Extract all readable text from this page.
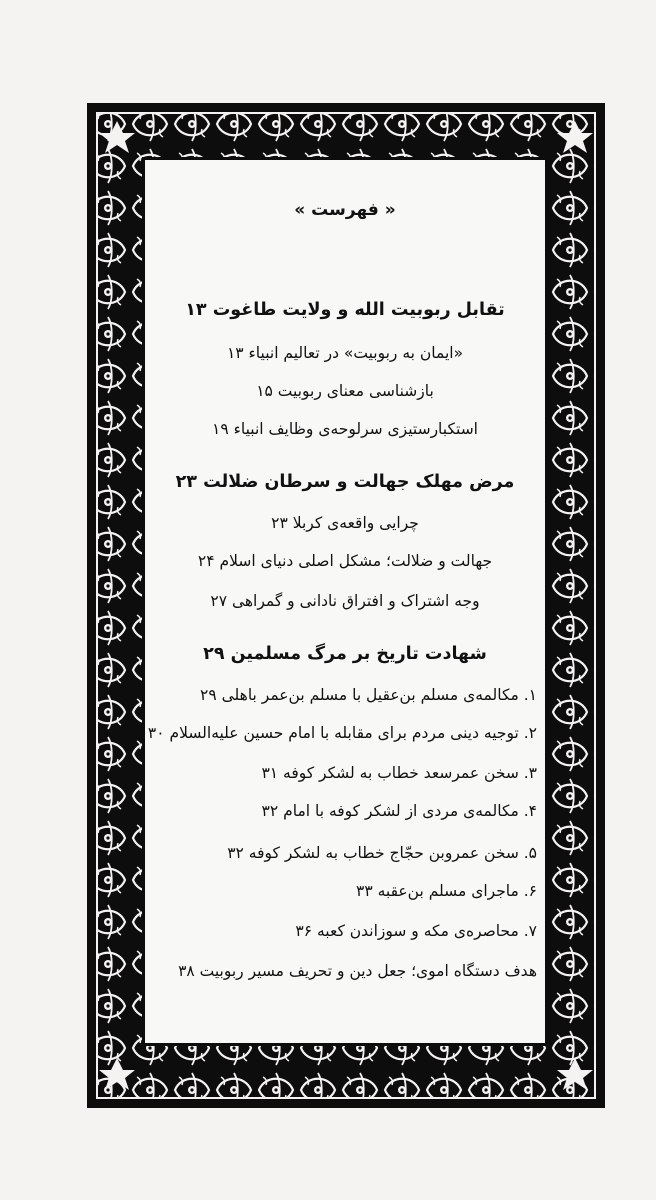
« فهرست »
تقابل ربوبیت الله و ولایت طاغوت ۱۳
«ایمان به ربوبیت» در تعالیم انبیاء ۱۳
بازشناسی معنای ربوبیت ۱۵
استکبارستیزی سرلوحه‌ی وظایف انبیاء ۱۹
مرض مهلک جهالت و سرطان ضلالت ۲۳
چرایی واقعه‌ی کربلا ۲۳
جهالت و ضلالت؛ مشکل اصلی دنیای اسلام ۲۴
وجه اشتراک و افتراق نادانی و گمراهی ۲۷
شهادت تاریخ بر مرگ مسلمین ۲۹
۱. مکالمه‌ی مسلم بن‌عقیل با مسلم بن‌عمر باهلی ۲۹
۲. توجیه دینی مردم برای مقابله با امام حسین علیه‌السلام ۳۰
۳. سخن عمرسعد خطاب به لشکر کوفه ۳۱
۴. مکالمه‌ی مردی از لشکر کوفه با امام ۳۲
۵. سخن عمروبن حجّاج خطاب به لشکر کوفه ۳۲
۶. ماجرای مسلم بن‌عقبه ۳۳
۷. محاصره‌ی مکه و سوزاندن کعبه ۳۶
هدف دستگاه اموی؛ جعل دین و تحریف مسیر ربوبیت ۳۸
